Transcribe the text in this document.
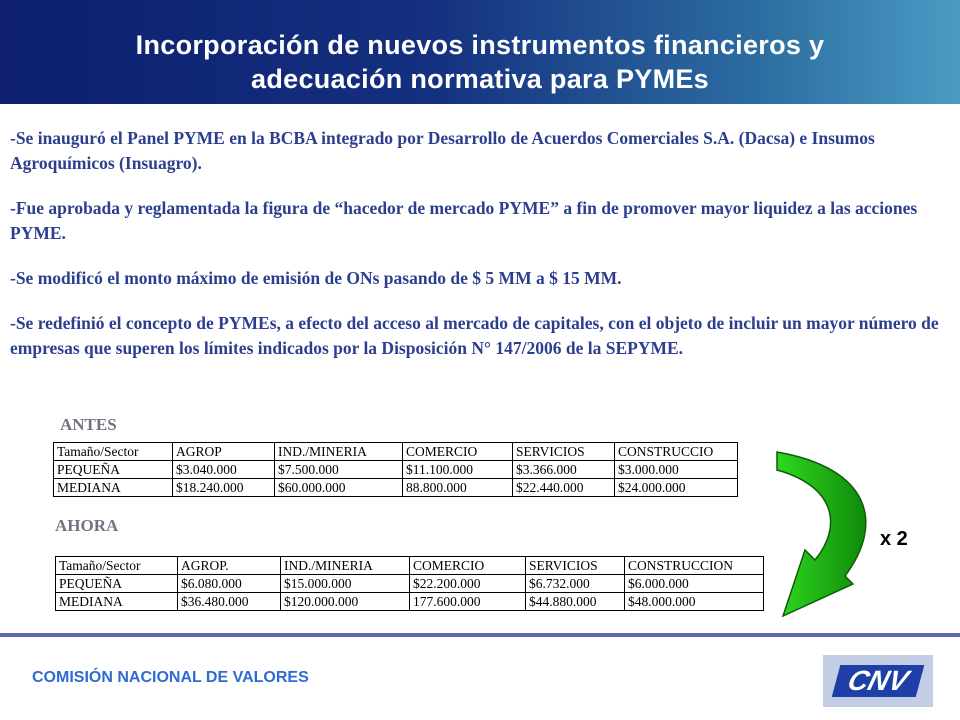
Incorporación de nuevos instrumentos financieros y
adecuación normativa para PYMEs

-Se inauguró el Panel PYME en la BCBA integrado por Desarrollo de Acuerdos Comerciales S.A. (Dacsa) e Insumos Agroquímicos (Insuagro).

-Fue aprobada y reglamentada la figura de “hacedor de mercado PYME” a fin de promover mayor liquidez a las acciones PYME.

-Se modificó el monto máximo de emisión de ONs pasando de $ 5 MM a $ 15 MM.

-Se redefinió el concepto de PYMEs, a efecto del acceso al mercado de capitales, con el objeto de incluir un mayor número de empresas que superen los límites indicados por la Disposición N° 147/2006 de la SEPYME.

ANTES
Tamaño/Sector	AGROP	IND./MINERIA	COMERCIO	SERVICIOS	CONSTRUCCIO
PEQUEÑA	$3.040.000	$7.500.000	$11.100.000	$3.366.000	$3.000.000
MEDIANA	$18.240.000	$60.000.000	88.800.000	$22.440.000	$24.000.000
AHORA
Tamaño/Sector	AGROP.	IND./MINERIA	COMERCIO	SERVICIOS	CONSTRUCCION
PEQUEÑA	$6.080.000	$15.000.000	$22.200.000	$6.732.000	$6.000.000
MEDIANA	$36.480.000	$120.000.000	177.600.000	$44.880.000	$48.000.000
x 2
COMISIÓN NACIONAL DE VALORES	CNV
